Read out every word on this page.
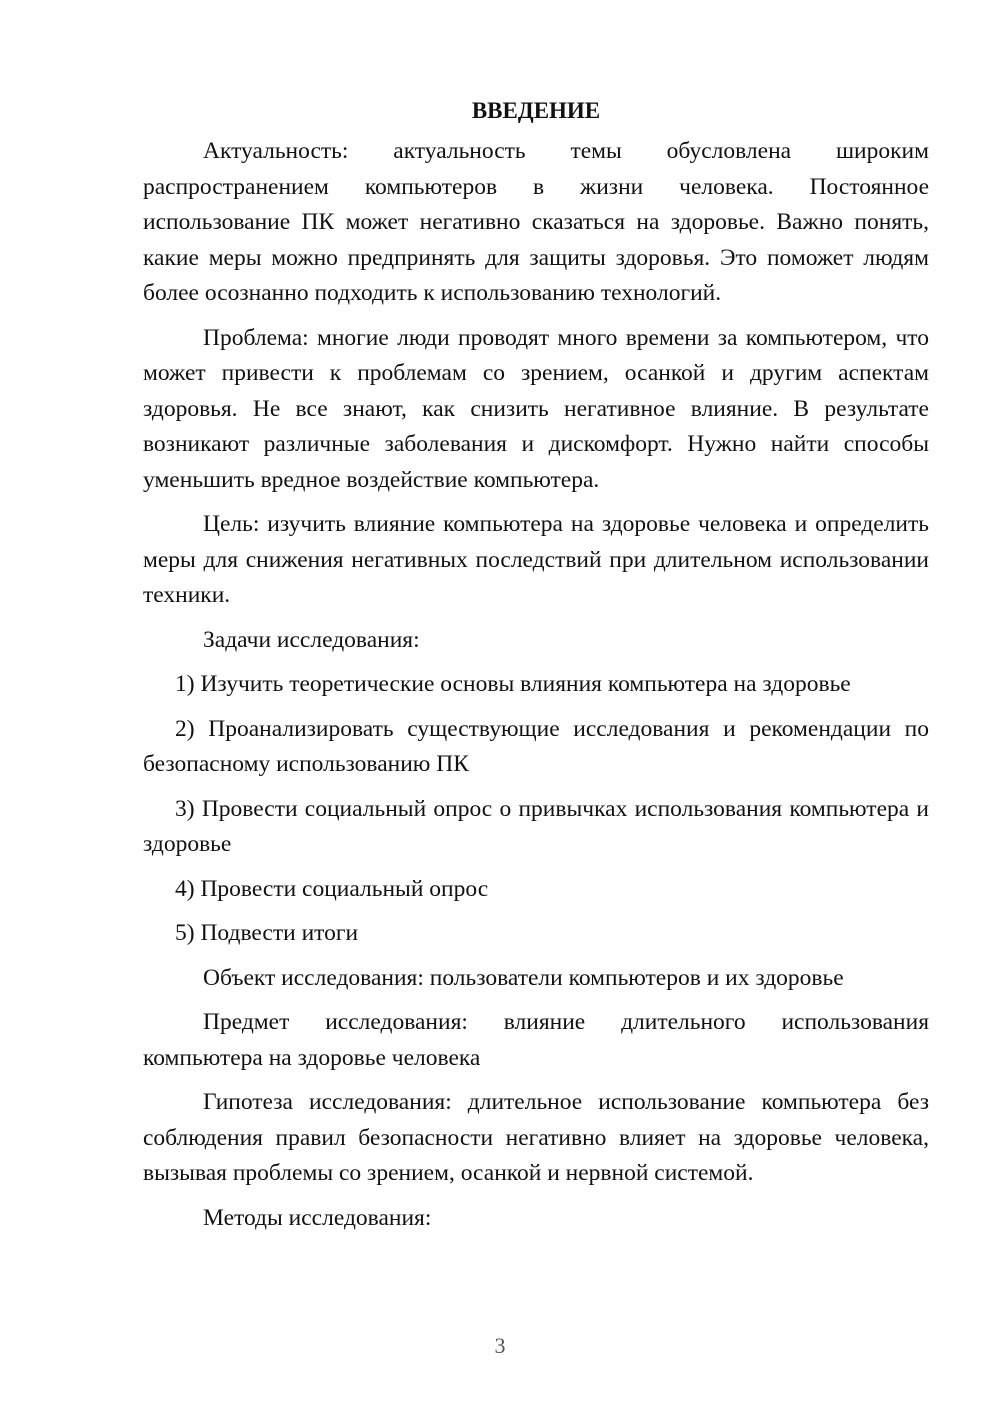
ВВЕДЕНИЕ

Актуальность: актуальность темы обусловлена широким распространением компьютеров в жизни человека. Постоянное использование ПК может негативно сказаться на здоровье. Важно понять, какие меры можно предпринять для защиты здоровья. Это поможет людям более осознанно подходить к использованию технологий.

Проблема: многие люди проводят много времени за компьютером, что может привести к проблемам со зрением, осанкой и другим аспектам здоровья. Не все знают, как снизить негативное влияние. В результате возникают различные заболевания и дискомфорт. Нужно найти способы уменьшить вредное воздействие компьютера.

Цель: изучить влияние компьютера на здоровье человека и определить меры для снижения негативных последствий при длительном использовании техники.

Задачи исследования:

1) Изучить теоретические основы влияния компьютера на здоровье

2) Проанализировать существующие исследования и рекомендации по безопасному использованию ПК

3) Провести социальный опрос о привычках использования компьютера и здоровье

4) Провести социальный опрос

5) Подвести итоги

Объект исследования: пользователи компьютеров и их здоровье

Предмет исследования: влияние длительного использования компьютера на здоровье человека

Гипотеза исследования: длительное использование компьютера без соблюдения правил безопасности негативно влияет на здоровье человека, вызывая проблемы со зрением, осанкой и нервной системой.

Методы исследования:

3
